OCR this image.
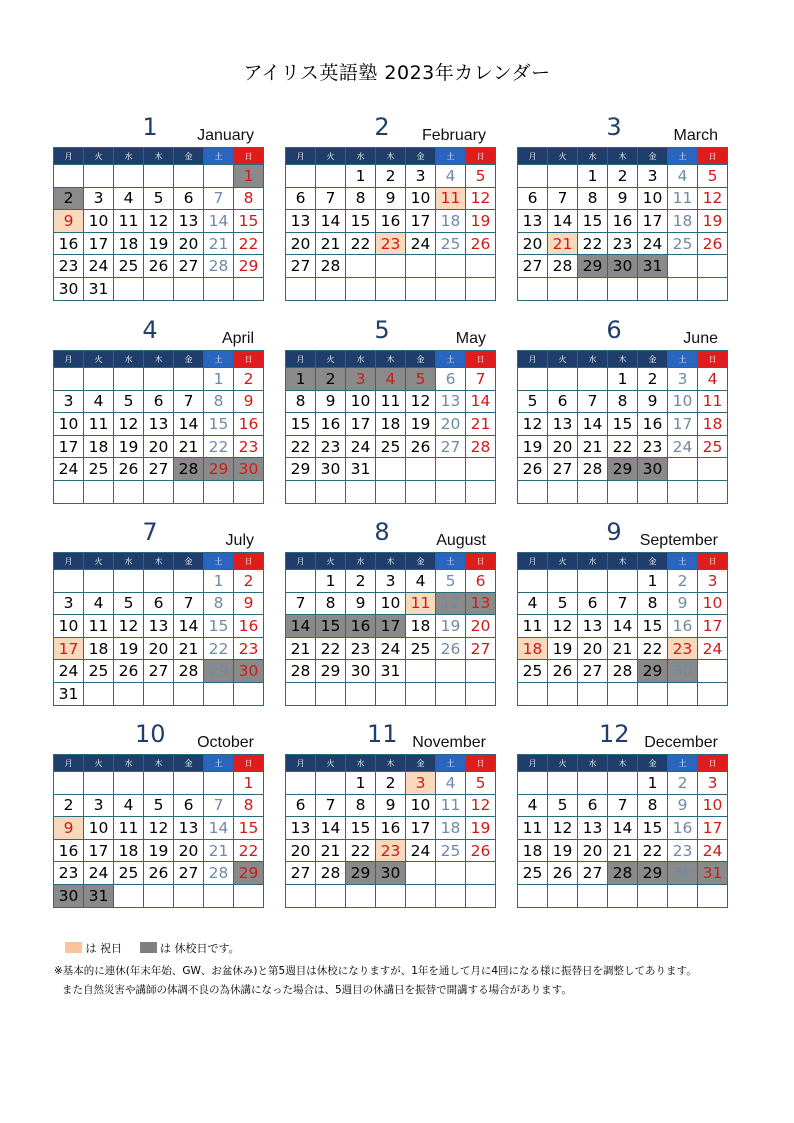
アイリス英語塾 2023年カレンダー
1	January
月	火	水	木	金	土	日
						1
2	3	4	5	6	7	8
9	10	11	12	13	14	15
16	17	18	19	20	21	22
23	24	25	26	27	28	29
30	31					
2	February
月	火	水	木	金	土	日
		1	2	3	4	5
6	7	8	9	10	11	12
13	14	15	16	17	18	19
20	21	22	23	24	25	26
27	28					

3	March
月	火	水	木	金	土	日
		1	2	3	4	5
6	7	8	9	10	11	12
13	14	15	16	17	18	19
20	21	22	23	24	25	26
27	28	29	30	31		

4	April
月	火	水	木	金	土	日
					1	2
3	4	5	6	7	8	9
10	11	12	13	14	15	16
17	18	19	20	21	22	23
24	25	26	27	28	29	30

5	May
月	火	水	木	金	土	日
1	2	3	4	5	6	7
8	9	10	11	12	13	14
15	16	17	18	19	20	21
22	23	24	25	26	27	28
29	30	31				

6	June
月	火	水	木	金	土	日
			1	2	3	4
5	6	7	8	9	10	11
12	13	14	15	16	17	18
19	20	21	22	23	24	25
26	27	28	29	30		

7	July
月	火	水	木	金	土	日
					1	2
3	4	5	6	7	8	9
10	11	12	13	14	15	16
17	18	19	20	21	22	23
24	25	26	27	28	29	30
31						
8	August
月	火	水	木	金	土	日
	1	2	3	4	5	6
7	8	9	10	11	12	13
14	15	16	17	18	19	20
21	22	23	24	25	26	27
28	29	30	31			

9	September
月	火	水	木	金	土	日
				1	2	3
4	5	6	7	8	9	10
11	12	13	14	15	16	17
18	19	20	21	22	23	24
25	26	27	28	29	30	

10 October
月	火	水	木	金	土	日
						1
2	3	4	5	6	7	8
9	10	11	12	13	14	15
16	17	18	19	20	21	22
23	24	25	26	27	28	29
30	31					
11 November
月	火	水	木	金	土	日
		1	2	3	4	5
6	7	8	9	10	11	12
13	14	15	16	17	18	19
20	21	22	23	24	25	26
27	28	29	30			

12 December
月	火	水	木	金	土	日
				1	2	3
4	5	6	7	8	9	10
11	12	13	14	15	16	17
18	19	20	21	22	23	24
25	26	27	28	29	30	31

は 祝日	は 休校日です。
※基本的に連休(年末年始、GW、お盆休み)と第5週目は休校になりますが、1年を通して月に4回になる様に振替日を調整してあります。
また自然災害や講師の体調不良の為休講になった場合は、5週目の休講日を振替で開講する場合があります。
